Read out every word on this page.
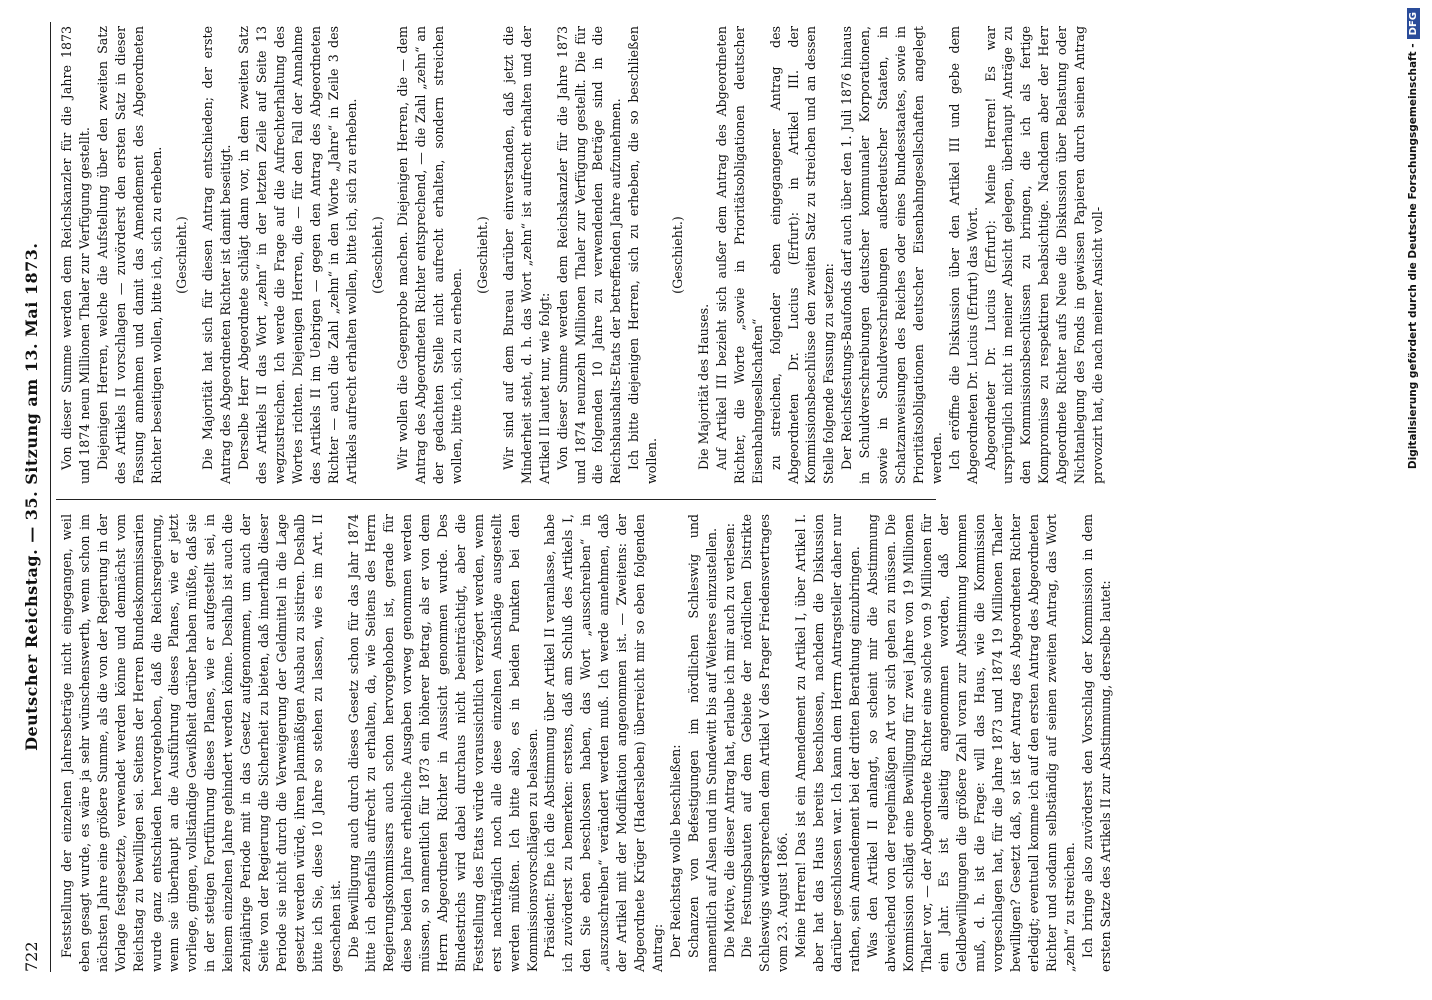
722
Deutscher Reichstag. — 35. Sitzung am 13. Mai 1873. Feststellung der einzelnen Jahresbeträge nicht eingegangen, weil eben gesagt wurde, es wäre ja sehr wünschenswerth, wenn schon im nächsten Jahre eine größere Summe, als die von der Regierung in der Vorlage festgesetzte, verwendet werden könne und demnächst vom Reichstag zu bewilligen sei. Seitens der Herren Bundeskommissarien wurde ganz entschieden hervorgehoben, daß die Reichsregierung, wenn sie überhaupt an die Ausführung dieses Planes, wie er jetzt vorliege, gingen, vollständige Gewißheit darüber haben müßte, daß sie in der stetigen Fortführung dieses Planes, wie er aufgestellt sei, in keinem einzelnen Jahre gehindert werden könne. Deshalb ist auch die zehnjährige Periode mit in das Gesetz aufgenommen, um auch der Seite von der Regierung die Sicherheit zu bieten, daß innerhalb dieser Periode sie nicht durch die Verweigerung der Geldmittel in die Lage gesetzt werden würde, ihren planmäßigen Ausbau zu sistiren. Deshalb bitte ich Sie, diese 10 Jahre so stehen zu lassen, wie es im Art. II geschehen ist. Die Bewilligung auch durch dieses Gesetz schon für das Jahr 1874 bitte ich ebenfalls aufrecht zu erhalten, da, wie Seitens des Herrn Regierungskommissars auch schon hervorgehoben ist, gerade für diese beiden Jahre erhebliche Ausgaben vorweg genommen werden müssen, so namentlich für 1873 ein höherer Betrag, als er von dem Herrn Abgeordneten Richter in Aussicht genommen wurde. Des Bindestrichs wird dabei durchaus nicht beeinträchtigt, aber die Feststellung des Etats würde voraussichtlich verzögert werden, wenn erst nachträglich noch alle diese einzelnen Anschläge ausgestellt werden müßten. Ich bitte also, es in beiden Punkten bei den Kommissionsvorschlägen zu belassen. Präsident: Ehe ich die Abstimmung über Artikel II veranlasse, habe ich zuvörderst zu bemerken: erstens, daß am Schluß des Artikels I, den Sie eben beschlossen haben, das Wort „ausschreiben“ in „auszuschreiben“ verändert werden muß. Ich werde annehmen, daß der Artikel mit der Modifikation angenommen ist. — Zweitens: der Abgeordnete Krüger (Hadersleben) überreicht mir so eben folgenden Antrag: Der Reichstag wolle beschließen: Schanzen von Befestigungen im nördlichen Schleswig und namentlich auf Alsen und im Sundewitt bis auf Weiteres einzustellen. Die Motive, die dieser Antrag hat, erlaube ich mir auch zu verlesen: Die Festungsbauten auf dem Gebiete der nördlichen Distrikte Schleswigs widersprechen dem Artikel V des Prager Friedensvertrages vom 23. August 1866. Meine Herren! Das ist ein Amendement zu Artikel I, über Artikel I. aber hat das Haus bereits beschlossen, nachdem die Diskussion darüber geschlossen war. Ich kann dem Herrn Antragsteller daher nur rathen, sein Amendement bei der dritten Berathung einzubringen. Was den Artikel II anlangt, so scheint mir die Abstimmung abweichend von der regelmäßigen Art vor sich gehen zu müssen. Die Kommission schlägt eine Bewilligung für zwei Jahre von 19 Millionen Thaler vor, — der Abgeordnete Richter eine solche von 9 Millionen für ein Jahr. Es ist allseitig angenommen worden, daß der Geldbewilligungen die größere Zahl voran zur Abstimmung kommen muß, d. h. ist die Frage: will das Haus, wie die Kommission vorgeschlagen hat, für die Jahre 1873 und 1874 19 Millionen Thaler bewilligen? Gesetzt daß, so ist der Antrag des Abgeordneten Richter erledigt; eventuell komme ich auf den ersten Antrag des Abgeordneten Richter und sodann selbständig auf seinen zweiten Antrag, das Wort „zehn“ zu streichen. Ich bringe also zuvörderst den Vorschlag der Kommission in dem ersten Satze des Artikels II zur Abstimmung, derselbe lautet:

Von dieser Summe werden dem Reichskanzler für die Jahre 1873 und 1874 neun Millionen Thaler zur Verfügung gestellt. Diejenigen Herren, welche die Aufstellung über den zweiten Satz des Artikels II vorschlagen — zuvörderst den ersten Satz in dieser Fassung annehmen und damit das Amendement des Abgeordneten Richter beseitigen wollen, bitte ich, sich zu erheben. (Geschieht.) Die Majorität hat sich für diesen Antrag entschieden; der erste Antrag des Abgeordneten Richter ist damit beseitigt. Derselbe Herr Abgeordnete schlägt dann vor, in dem zweiten Satz des Artikels II das Wort „zehn“ in der letzten Zeile auf Seite 13 wegzustreichen. Ich werde die Frage auf die Aufrechterhaltung des Wortes richten. Diejenigen Herren, die — für den Fall der Annahme des Artikels II im Uebrigen — gegen den Antrag des Abgeordneten Richter — auch die Zahl „zehn“ in den Worte „Jahre“ in Zeile 3 des Artikels aufrecht erhalten wollen, bitte ich, sich zu erheben. (Geschieht.) Wir wollen die Gegenprobe machen. Diejenigen Herren, die — dem Antrag des Abgeordneten Richter entsprechend, — die Zahl „zehn“ an der gedachten Stelle nicht aufrecht erhalten, sondern streichen wollen, bitte ich, sich zu erheben.

(Geschieht.) Wir sind auf dem Bureau darüber einverstanden, daß jetzt die Minderheit steht, d. h. das Wort „zehn“ ist aufrecht erhalten und der Artikel II lautet nur, wie folgt: Von dieser Summe werden dem Reichskanzler für die Jahre 1873 und 1874 neunzehn Millionen Thaler zur Verfügung gestellt. Die für die folgenden 10 Jahre zu verwendenden Beträge sind in die Reichshaushalts-Etats der betreffenden Jahre aufzunehmen. Ich bitte diejenigen Herren, sich zu erheben, die so beschließen wollen.

(Geschieht.)

Die Majorität des Hauses. Auf Artikel III bezieht sich außer dem Antrag des Abgeordneten Richter, die Worte „sowie in Prioritätsobligationen deutscher Eisenbahngesellschaften“ zu streichen, folgender eben eingegangener Antrag des Abgeordneten Dr. Lucius (Erfurt): in Artikel III. der Kommissionsbeschlüsse den zweiten Satz zu streichen und an dessen Stelle folgende Fassung zu setzen: Der Reichsfestungs-Baufonds darf auch über den 1. Juli 1876 hinaus in Schuldverschreibungen deutscher kommunaler Korporationen, sowie in Schuldverschreibungen außerdeutscher Staaten, in Schatzanweisungen des Reiches oder eines Bundesstaates, sowie in Prioritätsobligationen deutscher Eisenbahngesellschaften angelegt werden. Ich eröffne die Diskussion über den Artikel III und gebe dem Abgeordneten Dr. Lucius (Erfurt) das Wort. Abgeordneter Dr. Lucius (Erfurt): Meine Herren! Es war ursprünglich nicht in meiner Absicht gelegen, überhaupt Anträge zu den Kommissionsbeschlüssen zu bringen, die ich als fertige Kompromisse zu respektiren beabsichtige. Nachdem aber der Herr Abgeordnete Richter aufs Neue die Diskussion über Belastung oder Nichtanlegung des Fonds in gewissen Papieren durch seinen Antrag provozirt hat, die nach meiner Ansicht voll-	Digitalisierung gefördert durch die Deutsche Forschungsgemeinschaft -
DFG
